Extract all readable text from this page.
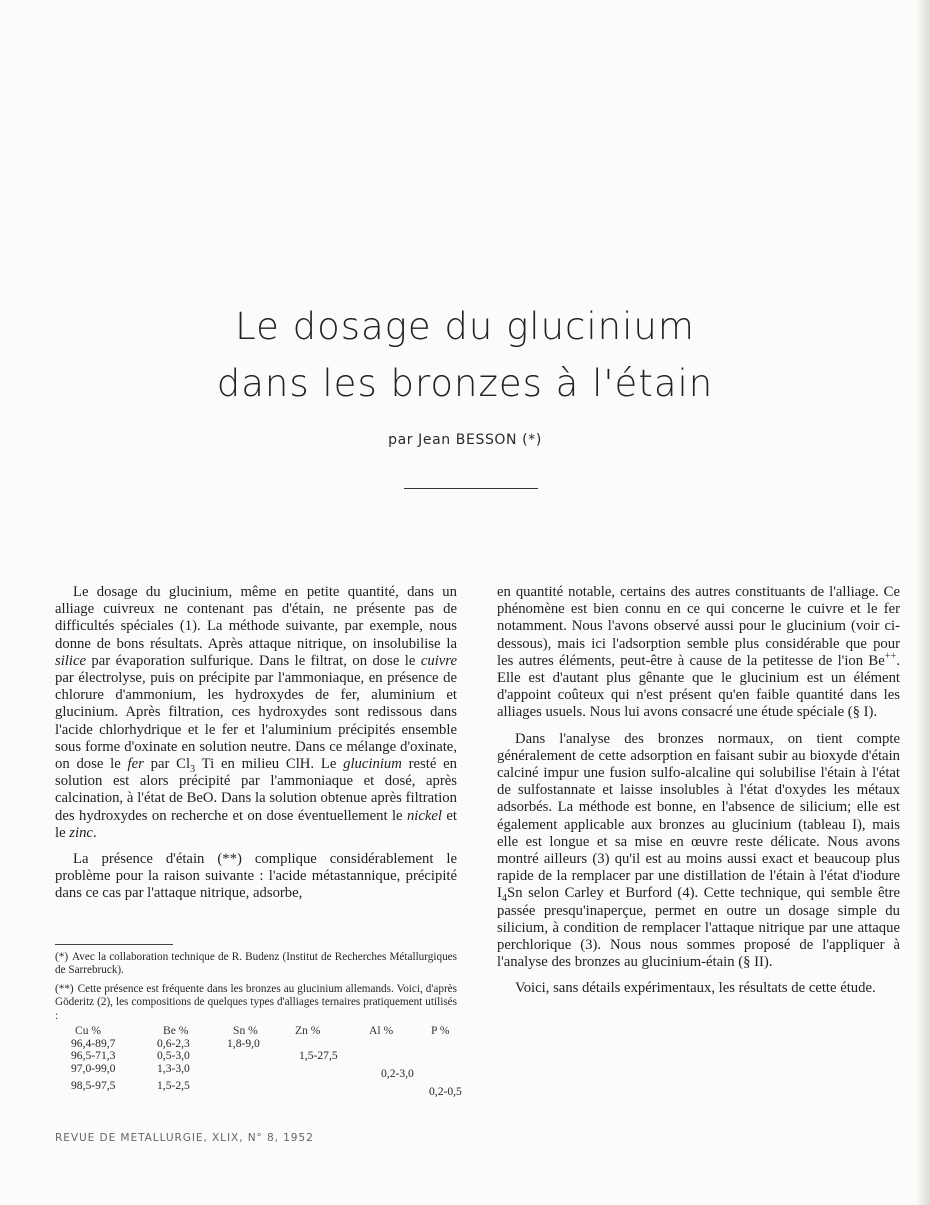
Le dosage du glucinium
dans les bronzes à l'étain
par Jean BESSON (*)

Le dosage du glucinium, même en petite quantité, dans un alliage cuivreux ne contenant pas d'étain, ne présente pas de difficultés spéciales (1). La méthode suivante, par exemple, nous donne de bons résultats. Après attaque nitrique, on insolubilise la silice par évaporation sulfurique. Dans le filtrat, on dose le cuivre par électrolyse, puis on précipite par l'ammoniaque, en présence de chlorure d'ammonium, les hydroxydes de fer, aluminium et glucinium. Après filtration, ces hydroxydes sont redissous dans l'acide chlorhydrique et le fer et l'aluminium précipités ensemble sous forme d'oxinate en solution neutre. Dans ce mélange d'oxinate, on dose le fer par $Cl_3$ Ti en milieu ClH. Le glucinium resté en solution est alors précipité par l'ammoniaque et dosé, après calcination, à l'état de BeO. Dans la solution obtenue après filtration des hydroxydes on recherche et on dose éventuellement le nickel et le zinc.

La présence d'étain (**) complique considérablement le problème pour la raison suivante : l'acide métastannique, précipité dans ce cas par l'attaque nitrique, adsorbe,

en quantité notable, certains des autres constituants de l'alliage. Ce phénomène est bien connu en ce qui concerne le cuivre et le fer notamment. Nous l'avons observé aussi pour le glucinium (voir ci-dessous), mais ici l'adsorption semble plus considérable que pour les autres éléments, peut-être à cause de la petitesse de l'ion Be++. Elle est d'autant plus gênante que le glucinium est un élément d'appoint coûteux qui n'est présent qu'en faible quantité dans les alliages usuels. Nous lui avons consacré une étude spéciale (§ I).

Dans l'analyse des bronzes normaux, on tient compte généralement de cette adsorption en faisant subir au bioxyde d'étain calciné impur une fusion sulfo-alcaline qui solubilise l'étain à l'état de sulfostannate et laisse insolubles à l'état d'oxydes les métaux adsorbés. La méthode est bonne, en l'absence de silicium; elle est également applicable aux bronzes au glucinium (tableau I), mais elle est longue et sa mise en œuvre reste délicate. Nous avons montré ailleurs (3) qu'il est au moins aussi exact et beaucoup plus rapide de la remplacer par une distillation de l'étain à l'état d'iodure $I_4Sn$ selon Carley et Burford (4). Cette technique, qui semble être passée presqu'inaperçue, permet en outre un dosage simple du silicium, à condition de remplacer l'attaque nitrique par une attaque perchlorique (3). Nous nous sommes proposé de l'appliquer à l'analyse des bronzes au glucinium-étain (§ II).

Voici, sans détails expérimentaux, les résultats de cette étude.

(*) Avec la collaboration technique de R. Budenz (Institut de Recherches Métallurgiques de Sarrebruck).
(**) Cette présence est fréquente dans les bronzes au glucinium allemands. Voici, d'après Göderitz (2), les compositions de quelques types d'alliages ternaires pratiquement utilisés :
Cu %	Be %	Sn %	Zn %	Al %	P %
96,4-89,7	0,6-2,3	1,8-9,0			
96,5-71,3	0,5-3,0		1,5-27,5		
97,0-99,0	1,3-3,0			0,2-3,0	
98,5-97,5	1,5-2,5				0,2-0,5
REVUE DE METALLURGIE, XLIX, N° 8, 1952
